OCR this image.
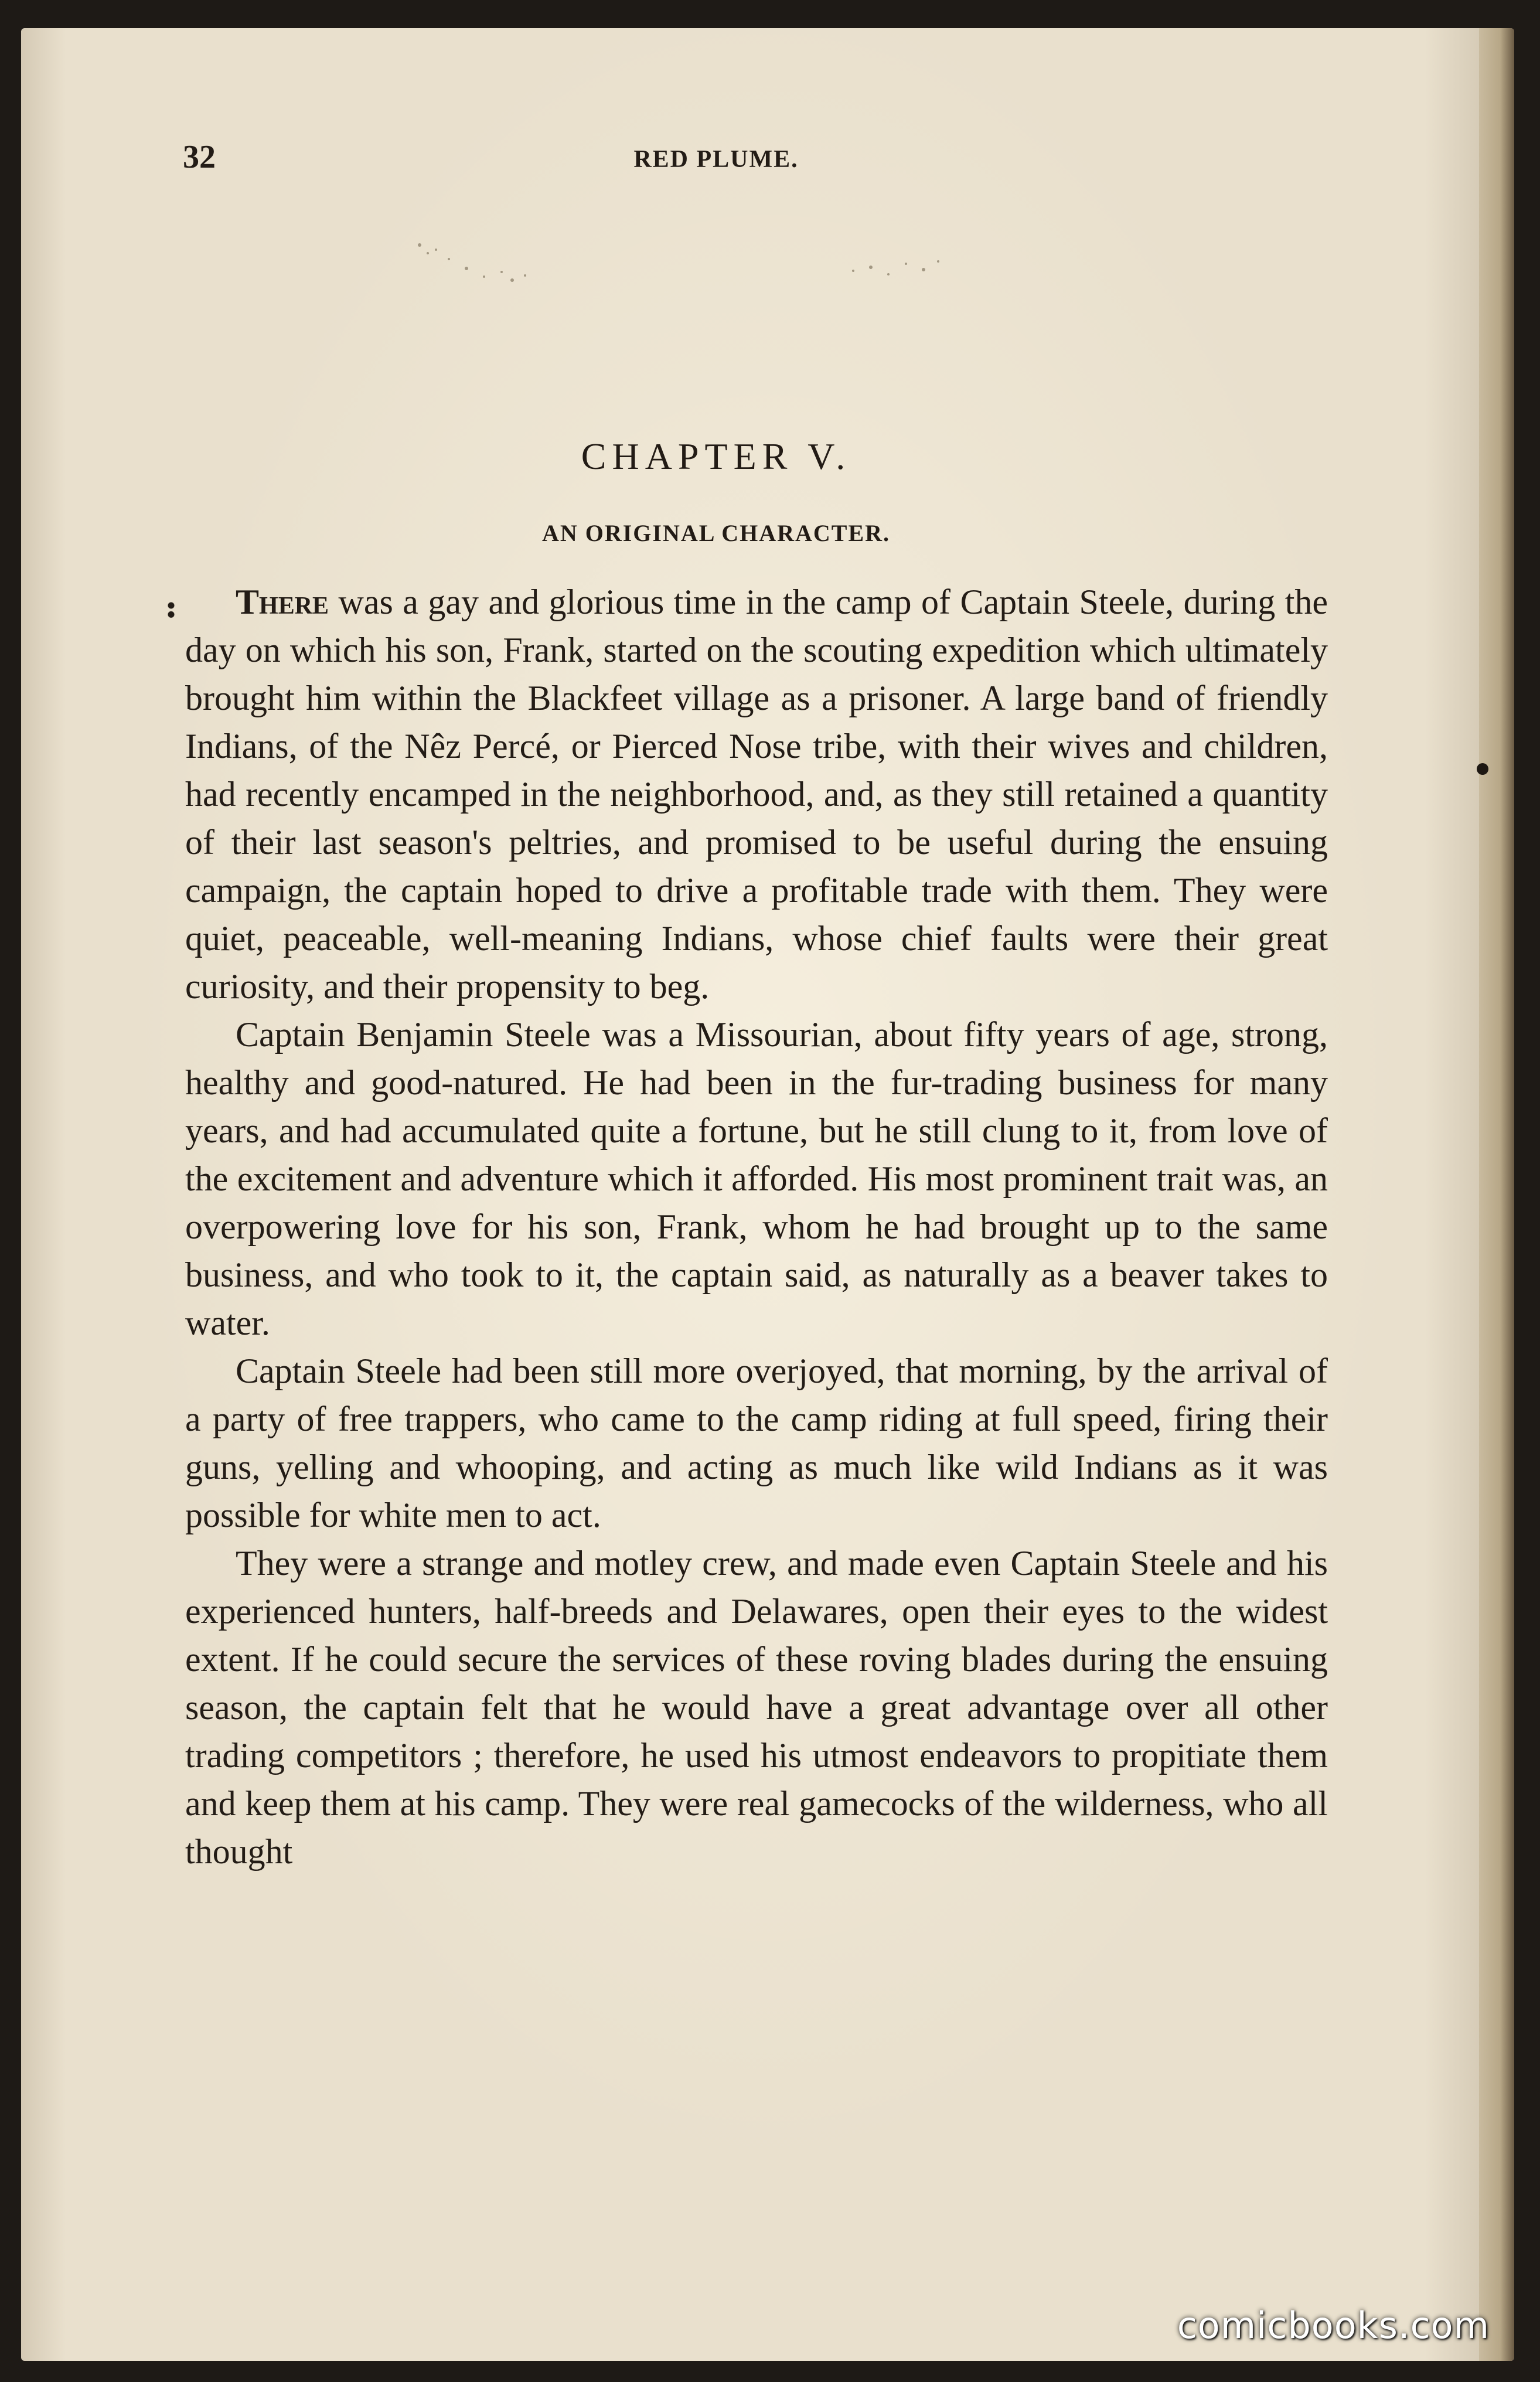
32	RED PLUME.
CHAPTER V.
AN ORIGINAL CHARACTER.

There was a gay and glorious time in the camp of Captain Steele, during the day on which his son, Frank, started on the scouting expedition which ultimately brought him within the Blackfeet village as a prisoner. A large band of friendly Indians, of the Nêz Percé, or Pierced Nose tribe, with their wives and children, had recently encamped in the neighborhood, and, as they still retained a quantity of their last season's peltries, and promised to be useful during the ensuing campaign, the captain hoped to drive a profitable trade with them. They were quiet, peaceable, well-meaning Indians, whose chief faults were their great curiosity, and their propensity to beg.

Captain Benjamin Steele was a Missourian, about fifty years of age, strong, healthy and good-natured. He had been in the fur-trading business for many years, and had accumulated quite a fortune, but he still clung to it, from love of the excitement and adventure which it afforded. His most prominent trait was, an overpowering love for his son, Frank, whom he had brought up to the same business, and who took to it, the captain said, as naturally as a beaver takes to water.

Captain Steele had been still more overjoyed, that morning, by the arrival of a party of free trappers, who came to the camp riding at full speed, firing their guns, yelling and whooping, and acting as much like wild Indians as it was possible for white men to act.

They were a strange and motley crew, and made even Captain Steele and his experienced hunters, half-breeds and Delawares, open their eyes to the widest extent. If he could secure the services of these roving blades during the ensuing season, the captain felt that he would have a great advantage over all other trading competitors ; therefore, he used his utmost endeavors to propitiate them and keep them at his camp. They were real gamecocks of the wilderness, who all thought

comicbooks.com
